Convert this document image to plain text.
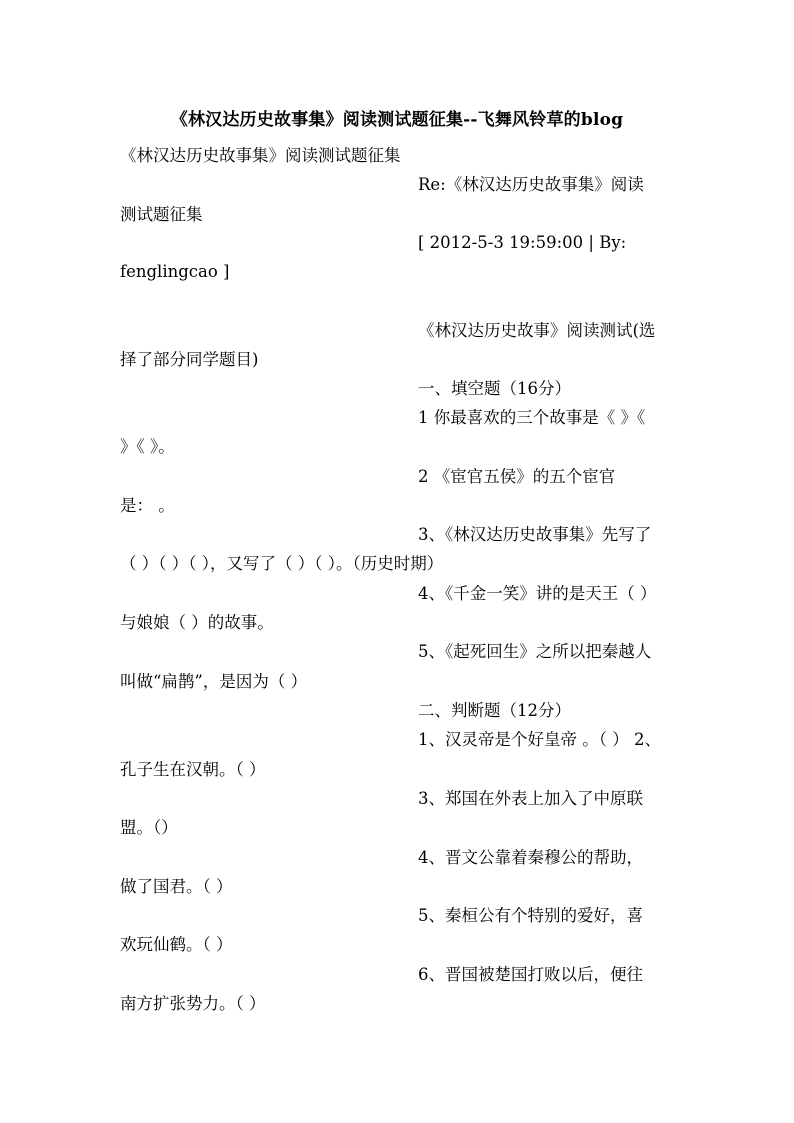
《林汉达历史故事集》阅读测试题征集--飞舞风铃草的blog
《林汉达历史故事集》阅读测试题征集
Re:《林汉达历史故事集》阅读
测试题征集
[ 2012-5-3 19:59:00 | By:
fenglingcao ]
《林汉达历史故事》阅读测试(选
择了部分同学题目)
一、填空题（16分）
1 你最喜欢的三个故事是《 》《
》《 》。
2 《宦官五侯》的五个宦官
是： 。
3、《林汉达历史故事集》先写了
（ ）（ ）（ ），又写了（ ）（ ）。（历史时期）
4、《千金一笑》讲的是天王（ ）
与娘娘（ ）的故事。
5、《起死回生》之所以把秦越人
叫做“扁鹊”，是因为（ ）
二、判断题（12分）
1、汉灵帝是个好皇帝 。（ ） 2、
孔子生在汉朝。（ ）
3、郑国在外表上加入了中原联
盟。（）
4、晋文公靠着秦穆公的帮助，
做了国君。（ ）
5、秦桓公有个特别的爱好，喜
欢玩仙鹤。（ ）
6、晋国被楚国打败以后，便往
南方扩张势力。（ ）
